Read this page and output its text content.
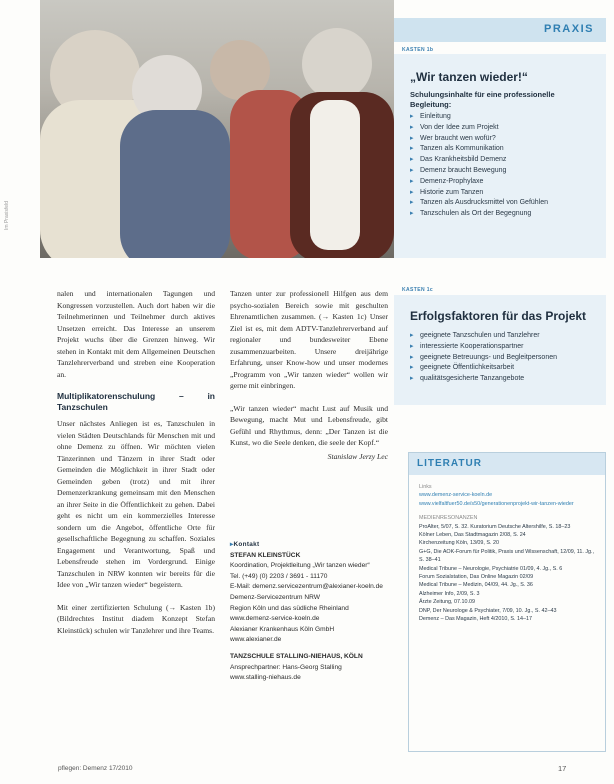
PRAXIS
KASTEN 1b
„Wir tanzen wieder!“
Schulungsinhalte für eine professionelle Begleitung:
▸ Einleitung
▸ Von der Idee zum Projekt
▸ Wer braucht wen wofür?
▸ Tanzen als Kommunikation
▸ Das Krankheitsbild Demenz
▸ Demenz braucht Bewegung
▸ Demenz-Prophylaxe
▸ Historie zum Tanzen
▸ Tanzen als Ausdrucksmittel von Gefühlen
▸ Tanzschulen als Ort der Begegnung
KASTEN 1c
Erfolgsfaktoren für das Projekt
▸ geeignete Tanzschulen und Tanzlehrer
▸ interessierte Kooperationspartner
▸ geeignete Betreuungs- und Begleitpersonen
▸ geeignete Öffentlichkeitsarbeit
▸ qualitätsgesicherte Tanzangebote

nalen und internationalen Tagungen und Kongressen vorzustellen. Auch dort haben wir die Teilnehmerinnen und Teilnehmer durch aktives Unsetzen erreicht. Das Interesse an unserem Projekt wuchs über die Grenzen hinweg. Wir stehen in Kontakt mit dem Allgemeinen Deutschen Tanzlehrerverband und streben eine Kooperation an.

Multiplikatorenschulung – in Tanzschulen

Unser nächstes Anliegen ist es, Tanzschulen in vielen Städten Deutschlands für Menschen mit und ohne Demenz zu öffnen. Wir möchten vielen Tänzerinnen und Tänzern in ihrer Stadt oder Gemeinden die Möglichkeit in ihrer Stadt oder Gemeinden geben (trotz) und mit ihrer Demenzerkrankung gemeinsam mit den Menschen an ihrer Seite in die Öffentlichkeit zu gehen. Dabei geht es nicht um ein kommerzielles Interesse sondern um die Angebot, öffentliche Orte für gesellschaftliche Begegnung zu schaffen. Soziales Engagement und Verantwortung, Spaß und Lebensfreude stehen im Vordergrund. Einige Tanzschulen in NRW konnten wir bereits für die Idee von „Wir tanzen wieder“ begeistern.

Mit einer zertifizierten Schulung (→ Kasten 1b) (Bildrechtes Institut diadem Konzept Stefan Kleinstück) schulen wir Tanzlehrer und ihre Teams.

Tanzen unter zur professionell Hilfgen aus dem psycho-sozialen Bereich sowie mit geschulten Ehrenamtlichen zusammen. (→ Kasten 1c) Unser Ziel ist es, mit dem ADTV-Tanzlehrerverband auf regionaler und bundesweiter Ebene zusammenzuarbeiten. Unsere dreijährige Erfahrung, unser Know-how und unser modernes „Programm von „Wir tanzen wieder“ wollen wir gerne mit einbringen.

„Wir tanzen wieder“ macht Lust auf Musik und Bewegung, macht Mut und Lebensfreude, gibt Gefühl und Rhythmus, denn: „Der Tanzen ist die Kunst, wo die Seele denken, die seele der Kopf.“

Stanislaw Jerzy Lec
▸ Kontakt
STEFAN KLEINSTÜCK
Koordination, Projektleitung „Wir tanzen wieder“
Tel. (+49) (0) 2203 / 3691 - 11170
E-Mail: demenz.servicezentrum@alexianer-koeln.de
Demenz-Servicezentrum NRW
Region Köln und das südliche Rheinland
www.demenz-service-koeln.de
Alexianer Krankenhaus Köln GmbH
www.alexianer.de
TANZSCHULE STALLING-NIEHAUS, KÖLN
Ansprechpartner: Hans-Georg Stalling
www.stalling-niehaus.de
LITERATUR
Links
www.demenz-service-koeln.de
www.vielfaltfuer50.de/s50/generationenprojekt-wir-tanzen-wieder
MEDIENRESONANZEN
ProAlter, 5/07, S. 32. Kuratorium Deutsche Altershilfe, S. 18–23
Kölner Leben, Das Stadtmagazin 2/08, S. 24
Kirchenzeitung Köln, 13/09, S. 20
G+G, Die AOK-Forum für Politik, Praxis und Wissenschaft, 12/09, 11. Jg., S. 38–41
Medical Tribune – Neurologie, Psychiatrie 01/09, 4. Jg., S. 6
Forum Sozialstation, Das Online Magazin 02/09
Medical Tribune – Medizin, 04/09, 44. Jg., S. 36
Alzheimer Info, 2/09, S. 3
Ärzte Zeitung, 07.10.09
DNP, Der Neurologe & Psychiater, 7/09, 10. Jg., S. 42–43
Demenz – Das Magazin, Heft 4/2010, S. 14–17
Im Praxisfeld
pflegen: Demenz 17/2010	17
